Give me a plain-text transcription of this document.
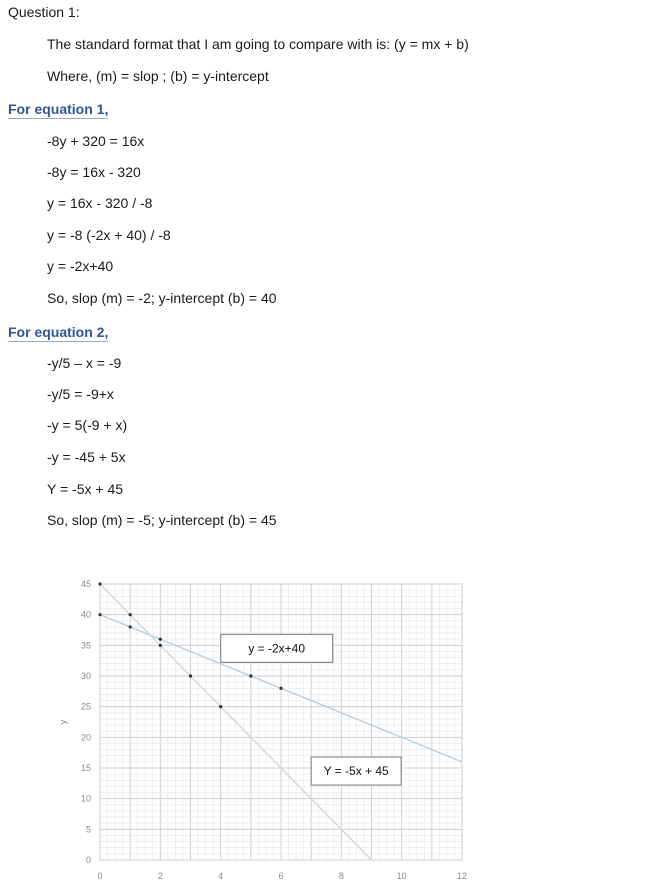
Question 1:
The standard format that I am going to compare with is: (y = mx + b)
Where, (m) = slop ; (b) = y-intercept
For equation 1,
-8y + 320 = 16x
-8y = 16x - 320
y = 16x - 320 / -8
y = -8 (-2x + 40) / -8
y = -2x+40
So, slop (m) = -2; y-intercept (b) = 40
For equation 2,
-y/5 – x = -9
-y/5 = -9+x
-y = 5(-9 + x)
-y = -45 + 5x
Y = -5x + 45
So, slop (m) = -5; y-intercept (b) = 45
0	2	4	6	8	10	12
0
5
10
15
20
25
30
35
40
45
y
y = -2x+40
Y = -5x + 45
